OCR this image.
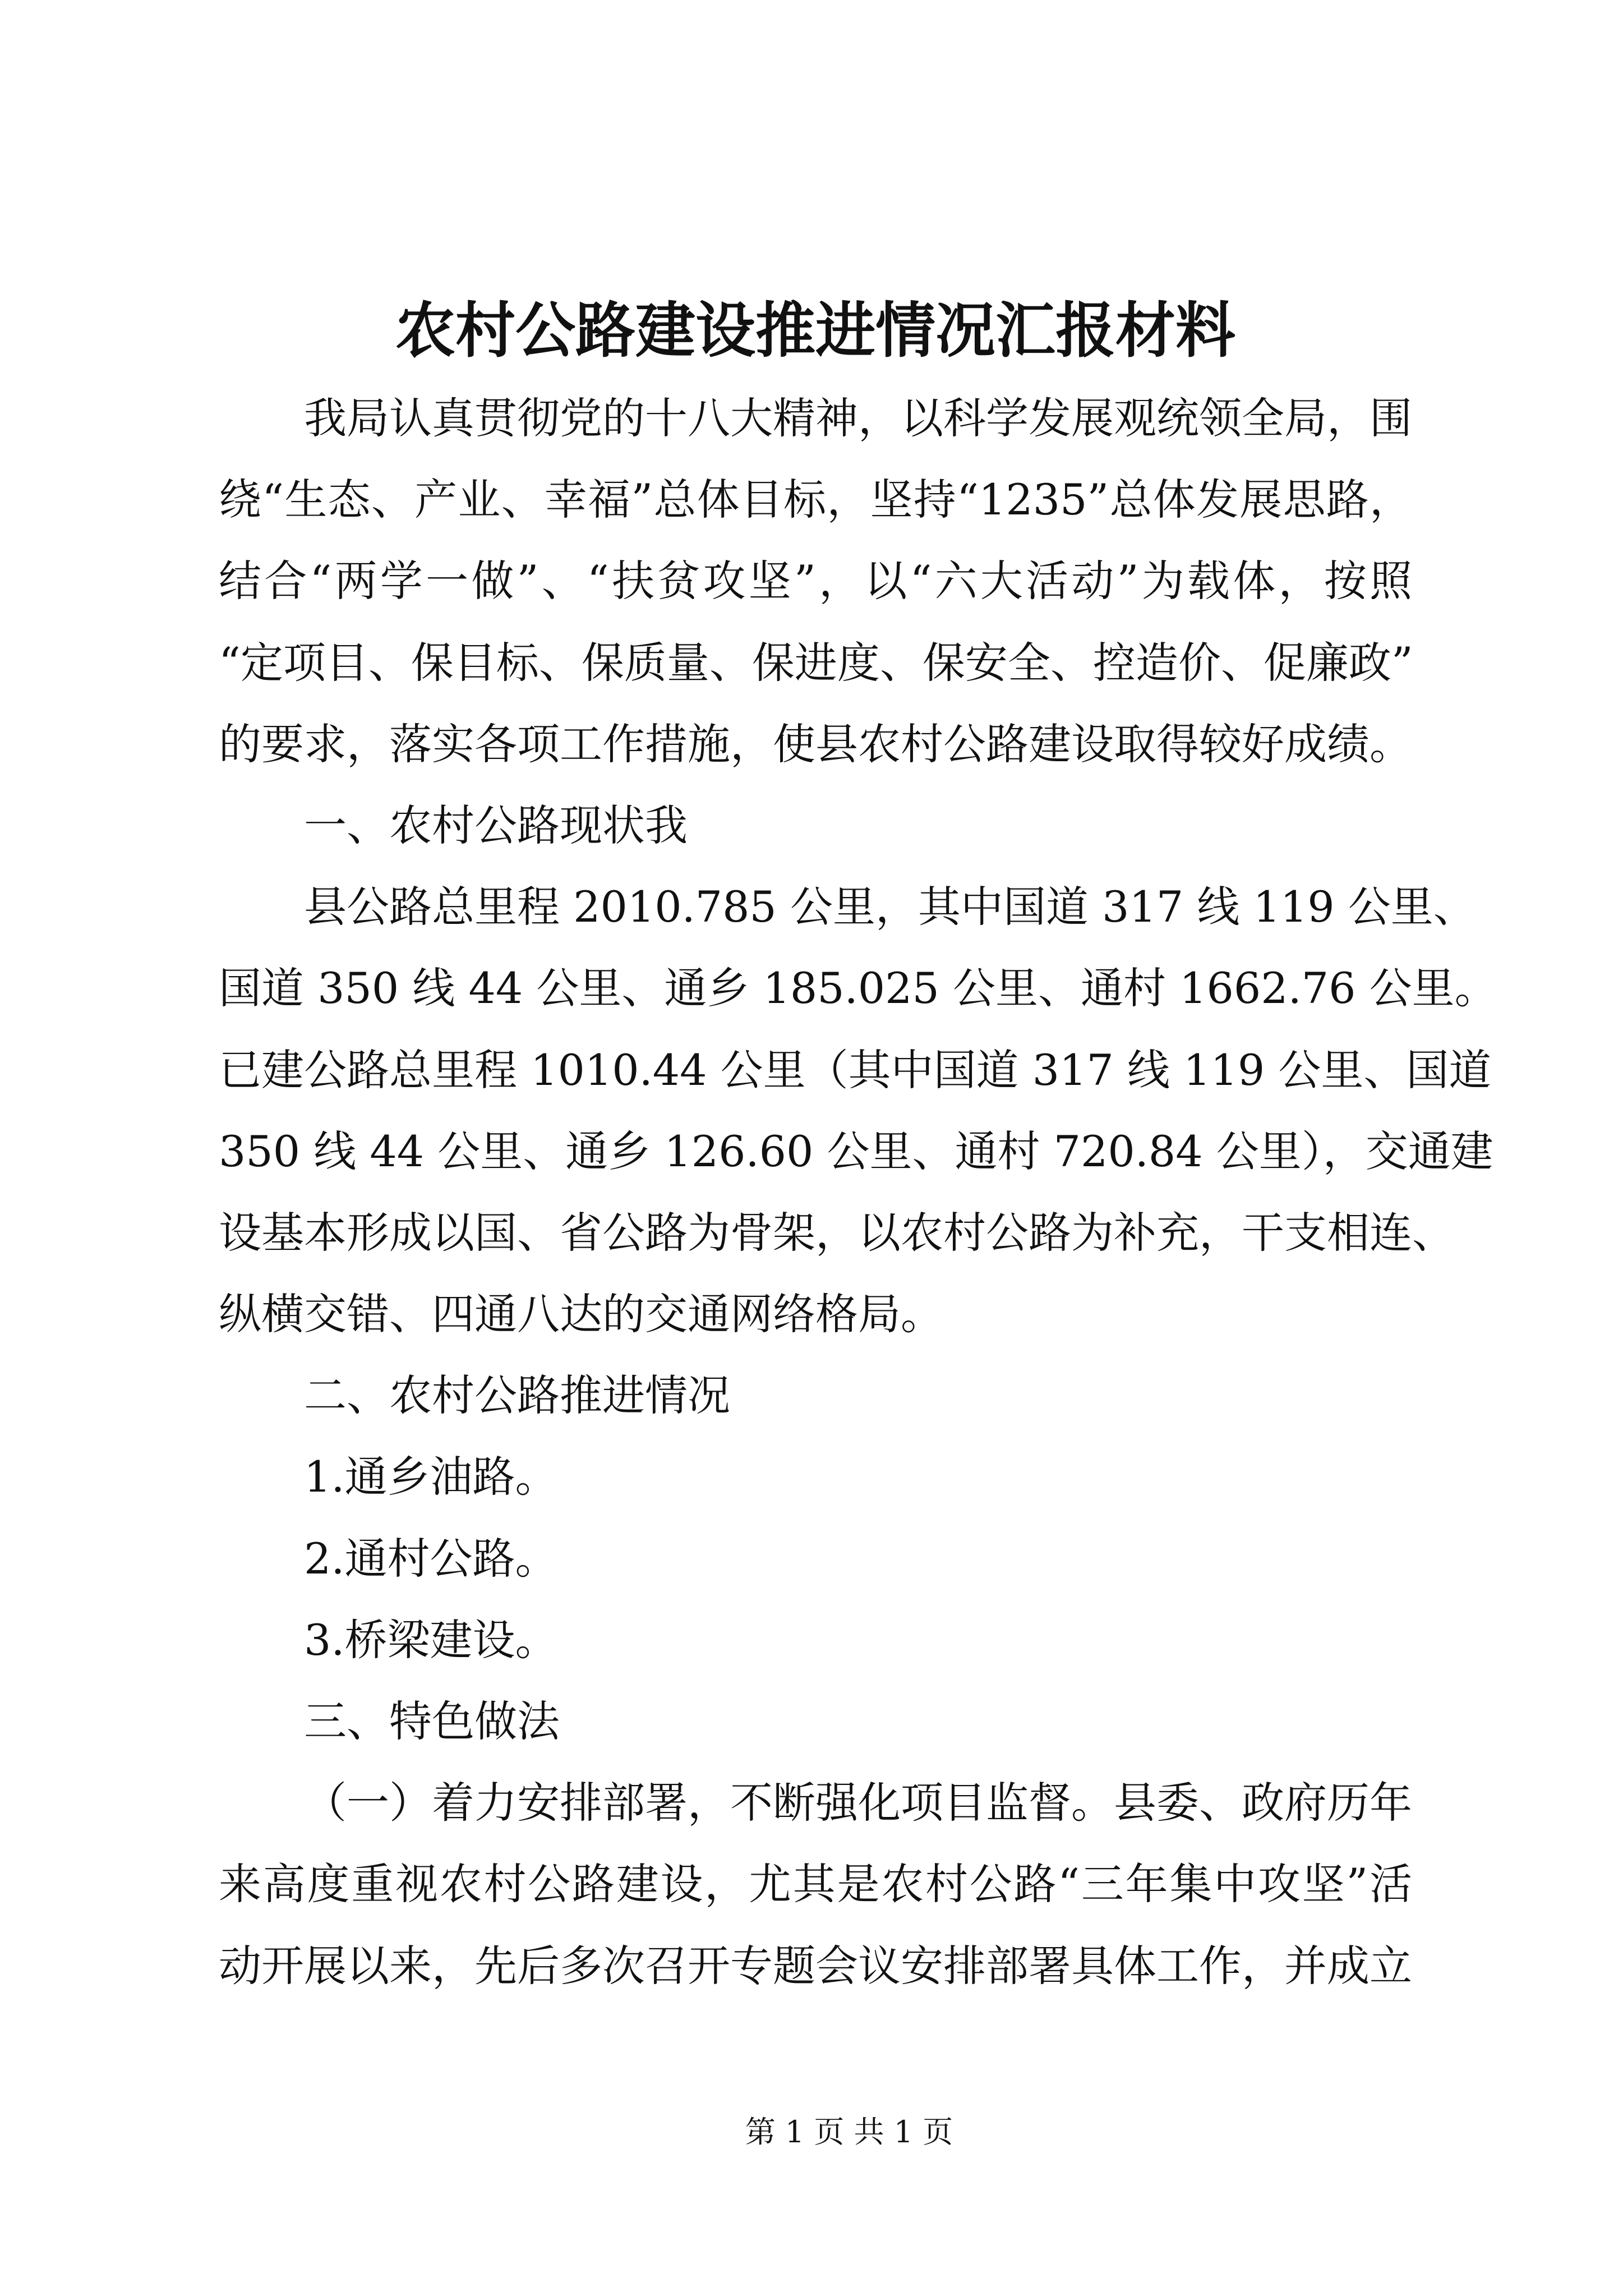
农村公路建设推进情况汇报材料
我局认真贯彻党的十八大精神，以科学发展观统领全局，围
绕“生态、产业、幸福”总体目标，坚持“1235”总体发展思路，
结合“两学一做”、“扶贫攻坚”，以“六大活动”为载体，按照
“定项目、保目标、保质量、保进度、保安全、控造价、促廉政”
的要求，落实各项工作措施，使县农村公路建设取得较好成绩。
一、农村公路现状我
县公路总里程 2010.785 公里，其中国道 317 线 119 公里、
国道 350 线 44 公里、通乡 185.025 公里、通村 1662.76 公里。
已建公路总里程 1010.44 公里（其中国道 317 线 119 公里、国道
350 线 44 公里、通乡 126.60 公里、通村 720.84 公里），交通建
设基本形成以国、省公路为骨架，以农村公路为补充，干支相连、
纵横交错、四通八达的交通网络格局。
二、农村公路推进情况
1.通乡油路。
2.通村公路。
3.桥梁建设。
三、特色做法
（一）着力安排部署，不断强化项目监督。县委、政府历年
来高度重视农村公路建设，尤其是农村公路“三年集中攻坚”活
动开展以来，先后多次召开专题会议安排部署具体工作，并成立
第 1 页 共 1 页
